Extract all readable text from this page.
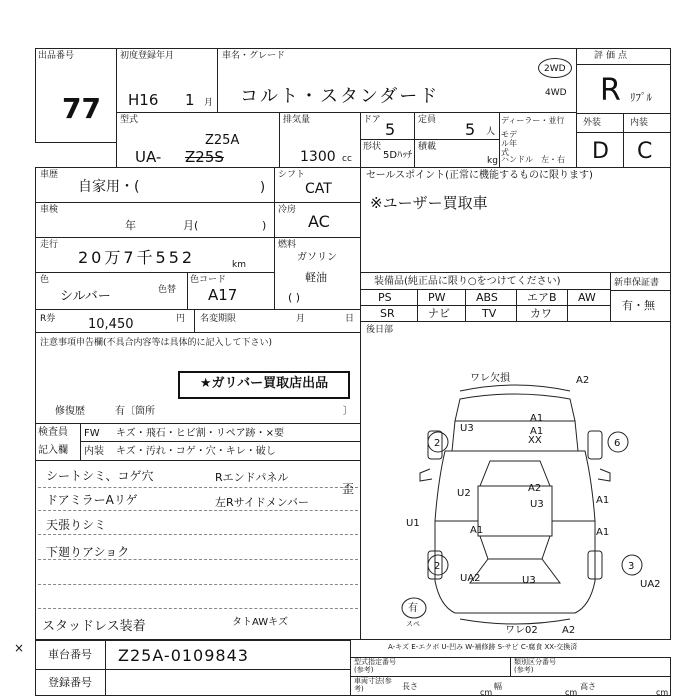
出品番号
77
初度登録年月
H16 1 月
車名・グレード
コルト・スタンダード
2WD
4WD
評価点
R ﾘﾌﾟﾙ
型式
Z25A
UA- Z25S
排気量
1300 cc
ドア 5	定員 5 人
形状
5Dﾊｯﾁ
積載
kg
ディーラー・並行
モデル年式
ハンドル 左・右
外装	内装
D C
車歴
自家用・(	)
シフト
CAT
車検
年	月(	)
冷房
AC
走行
20万7千552	km
燃料
ガソリン
軽油
( )
色
シルバー	色替
色コード
A17
R券	10,450	円 名変期限	月	日
注意事項申告欄(不具合内容等は具体的に記入して下さい)
★ガリバー買取店出品
修復歴	有〔箇所	〕
検査員
記入欄
FW キズ・飛石・ヒビ割・リペア跡・×要
内装 キズ・汚れ・コゲ・穴・キレ・破し
シートシミ、コゲ穴
ドアミラーAリゲ
天張りシミ
下廻りアショク
Rエンドパネル
左Rサイドメンバー
歪
スタッドレス装着	タトAWキズ
セールスポイント(正常に機能するものに限ります)
※ユーザー買取車
装備品(純正品に限り○をつけてください)
PS	PW	ABS	エアB AW
SR	ナビ	TV	カワ
新車保証書
有・無
後日部
ワレ欠損	A2
A1
A1
XX
U3
2	6
U2	A2
U3	A1
A1
U1
A1
2	3
UA2	U3	UA2
ワレ02 A2
有
スペ
A-キズ E-エクボ U-凹み W-補修跡 S-サビ C-腐食 XX-交換済
車台番号 Z25A-0109843
登録番号
型式指定番号(参考)
類別区分番号(参考)
車両寸法(参考)	長さ
cm
幅
cm
高さ
cm
×
